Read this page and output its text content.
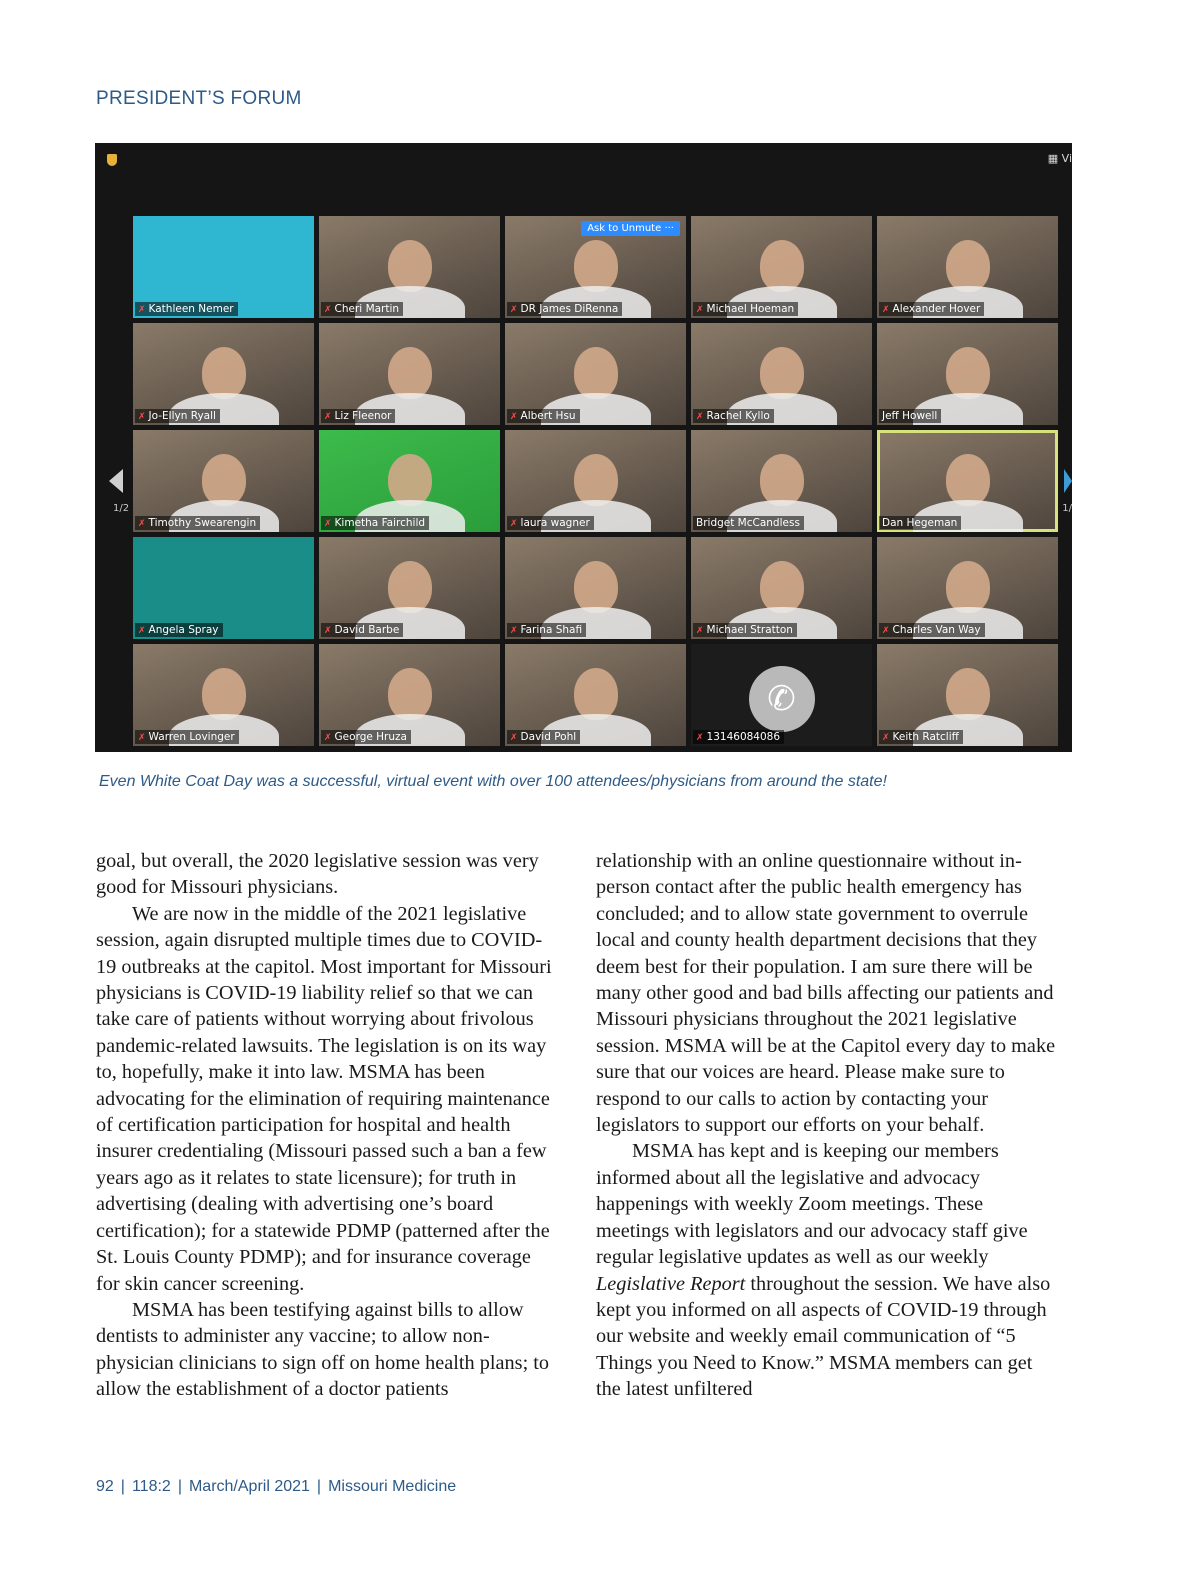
PRESIDENT’S FORUM
▦ Vi
1/2	1/
✗ Kathleen Nemer	✗ Cheri Martin
Ask to Unmute ···
✗ DR James DiRenna	✗ Michael Hoeman	✗ Alexander Hover
✗ Jo-Ellyn Ryall	✗ Liz Fleenor	✗ Albert Hsu	✗ Rachel Kyllo	Jeff Howell
✗ Timothy Swearengin	✗ Kimetha Fairchild	✗ laura wagner	Bridget McCandless	Dan Hegeman
✗ Angela Spray	✗ David Barbe	✗ Farina Shafi	✗ Michael Stratton	✗ Charles Van Way
✗ Warren Lovinger	✗ George Hruza	✗ David Pohl
✆
✗ 13146084086	✗ Keith Ratcliff
Even White Coat Day was a successful, virtual event with over 100 attendees/physicians from around the state!

goal, but overall, the 2020 legislative session was very good for Missouri physicians.

We are now in the middle of the 2021 legislative session, again disrupted multiple times due to COVID-19 outbreaks at the capitol. Most important for Missouri physicians is COVID-19 liability relief so that we can take care of patients without worrying about frivolous pandemic-related lawsuits. The legislation is on its way to, hopefully, make it into law. MSMA has been advocating for the elimination of requiring maintenance of certification participation for hospital and health insurer credentialing (Missouri passed such a ban a few years ago as it relates to state licensure); for truth in advertising (dealing with advertising one’s board certification); for a statewide PDMP (patterned after the St. Louis County PDMP); and for insurance coverage for skin cancer screening.

MSMA has been testifying against bills to allow dentists to administer any vaccine; to allow non-physician clinicians to sign off on home health plans; to allow the establishment of a doctor patients

relationship with an online questionnaire without in-person contact after the public health emergency has concluded; and to allow state government to overrule local and county health department decisions that they deem best for their population. I am sure there will be many other good and bad bills affecting our patients and Missouri physicians throughout the 2021 legislative session. MSMA will be at the Capitol every day to make sure that our voices are heard. Please make sure to respond to our calls to action by contacting your legislators to support our efforts on your behalf.

MSMA has kept and is keeping our members informed about all the legislative and advocacy happenings with weekly Zoom meetings. These meetings with legislators and our advocacy staff give regular legislative updates as well as our weekly Legislative Report throughout the session. We have also kept you informed on all aspects of COVID-19 through our website and weekly email communication of “5 Things you Need to Know.” MSMA members can get the latest unfiltered

92 | 118:2 | March/April 2021 | Missouri Medicine
